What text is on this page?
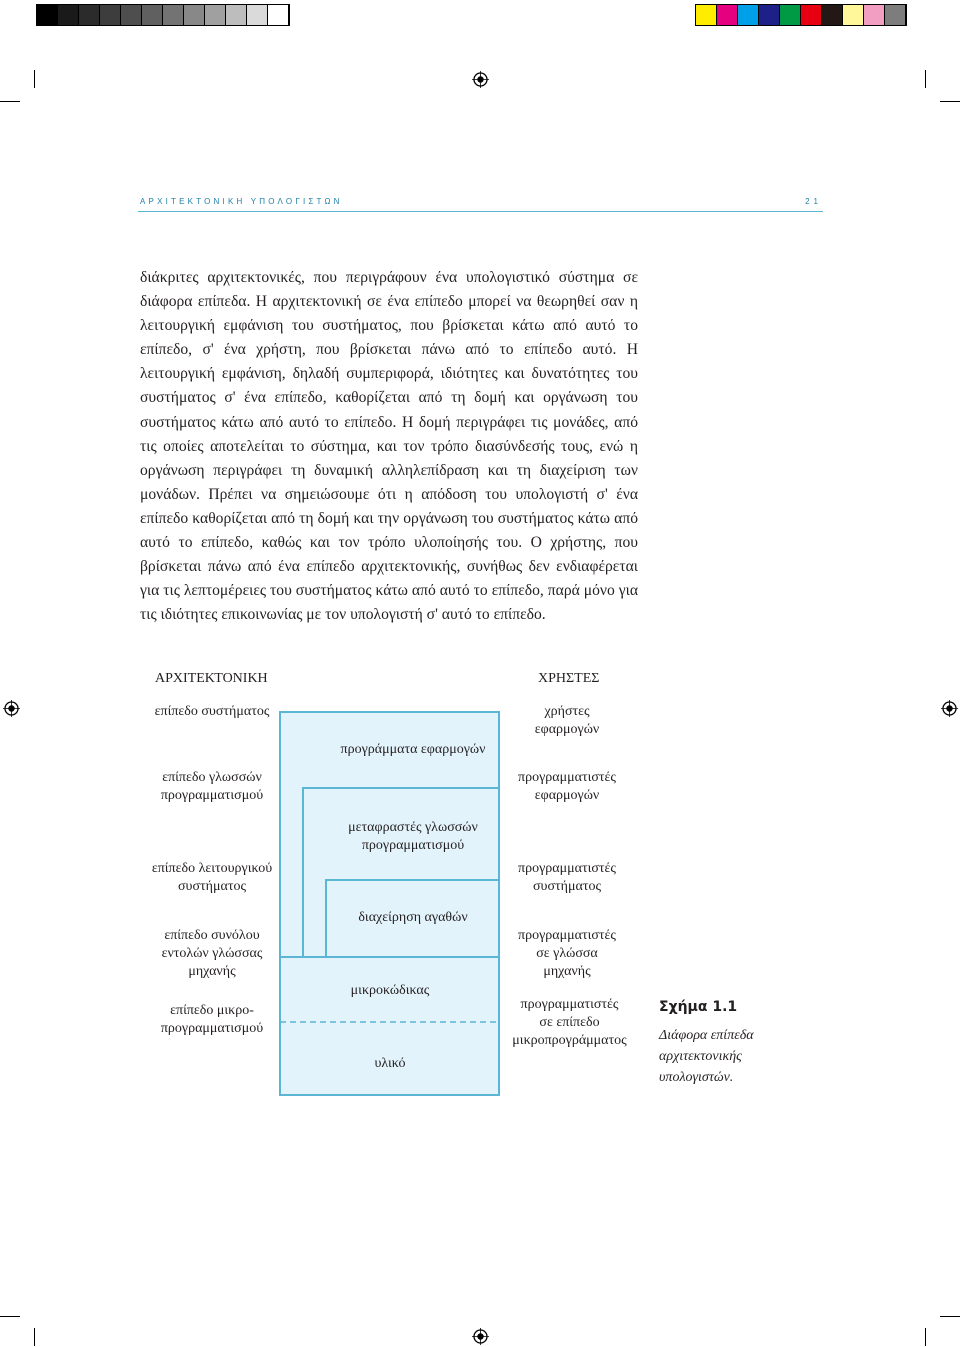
ΑΡΧΙΤΕΚΤΟΝΙΚΗ ΥΠΟΛΟΓΙΣΤΩΝ	21

διάκριτες αρχιτεκτονικές, που περιγράφουν ένα υπολογιστικό σύστημα σε διάφορα επίπεδα. Η αρχιτεκτονική σε ένα επίπεδο μπορεί να θεωρηθεί σαν η λειτουργική εμφάνιση του συστήματος, που βρίσκεται κάτω από αυτό το επίπεδο, σ' ένα χρήστη, που βρίσκεται πάνω από το επίπεδο αυτό. Η λειτουργική εμφάνιση, δηλαδή συμπεριφορά, ιδιότητες και δυνατότητες του συστήματος σ' ένα επίπεδο, καθορίζεται από τη δομή και οργάνωση του συστήματος κάτω από αυτό το επίπεδο. Η δομή περιγράφει τις μονάδες, από τις οποίες αποτελείται το σύστημα, και τον τρόπο διασύνδεσής τους, ενώ η οργάνωση περιγράφει τη δυναμική αλληλεπίδραση και τη διαχείριση των μονάδων. Πρέπει να σημειώσουμε ότι η απόδοση του υπολογιστή σ' ένα επίπεδο καθορίζεται από τη δομή και την οργάνωση του συστήματος κάτω από αυτό το επίπεδο, καθώς και τον τρόπο υλοποίησής του. Ο χρήστης, που βρίσκεται πάνω από ένα επίπεδο αρχιτεκτονικής, συνήθως δεν ενδιαφέρεται για τις λεπτομέρειες του συστήματος κάτω από αυτό το επίπεδο, παρά μόνο για τις ιδιότητες επικοινωνίας με τον υπολογιστή σ' αυτό το επίπεδο.

ΑΡΧΙΤΕΚΤΟΝΙΚΗ	ΧΡΗΣΤΕΣ
επίπεδο συστήματος
προγράμματα εφαρμογών
χρήστες
εφαρμογών
επίπεδο γλωσσών
προγραμματισμού
μεταφραστές γλωσσών
προγραμματισμού
προγραμματιστές
εφαρμογών
επίπεδο λειτουργικού
συστήματος
διαχείρηση αγαθών
προγραμματιστές
συστήματος
επίπεδο συνόλου
εντολών γλώσσας
μηχανής
μικροκώδικας
προγραμματιστές
σε γλώσσα
μηχανής
επίπεδο μικρο-
προγραμματισμού
υλικό
προγραμματιστές
σε επίπεδο
μικροπρογράμματος
Σχήμα 1.1
Διάφορα επίπεδα αρχιτεκτονικής υπολογιστών.
